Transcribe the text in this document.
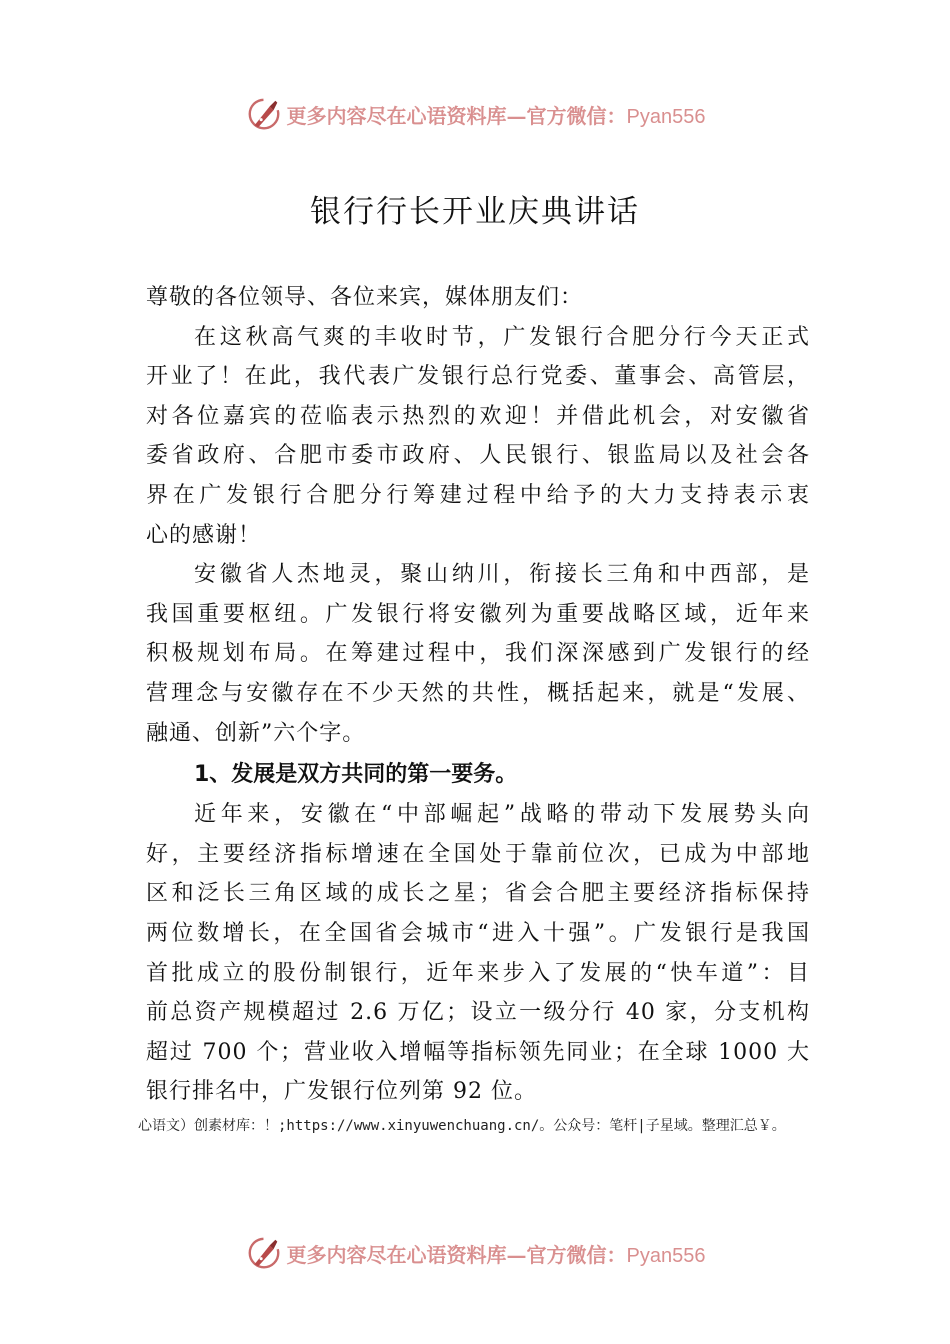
更多内容尽在心语资料库—官方微信：Pyan556
银行行长开业庆典讲话
尊敬的各位领导、各位来宾，媒体朋友们：
在这秋高气爽的丰收时节，广发银行合肥分行今天正式
开业了！在此，我代表广发银行总行党委、董事会、高管层，
对各位嘉宾的莅临表示热烈的欢迎！并借此机会，对安徽省
委省政府、合肥市委市政府、人民银行、银监局以及社会各
界在广发银行合肥分行筹建过程中给予的大力支持表示衷
心的感谢！
安徽省人杰地灵，聚山纳川，衔接长三角和中西部，是
我国重要枢纽。广发银行将安徽列为重要战略区域，近年来
积极规划布局。在筹建过程中，我们深深感到广发银行的经
营理念与安徽存在不少天然的共性，概括起来，就是“发展、
融通、创新”六个字。
1、发展是双方共同的第一要务。
近年来，安徽在“中部崛起”战略的带动下发展势头向
好，主要经济指标增速在全国处于靠前位次，已成为中部地
区和泛长三角区域的成长之星；省会合肥主要经济指标保持
两位数增长，在全国省会城市“进入十强”。广发银行是我国
首批成立的股份制银行，近年来步入了发展的“快车道”：目
前总资产规模超过 2.6 万亿；设立一级分行 40 家，分支机构
超过 700 个；营业收入增幅等指标领先同业；在全球 1000 大
银行排名中，广发银行位列第 92 位。
心语文）创素材库：！;https://www.xinyuwenchuang.cn/。公众号：笔杆|子星域。整理汇总￥。
更多内容尽在心语资料库—官方微信：Pyan556
